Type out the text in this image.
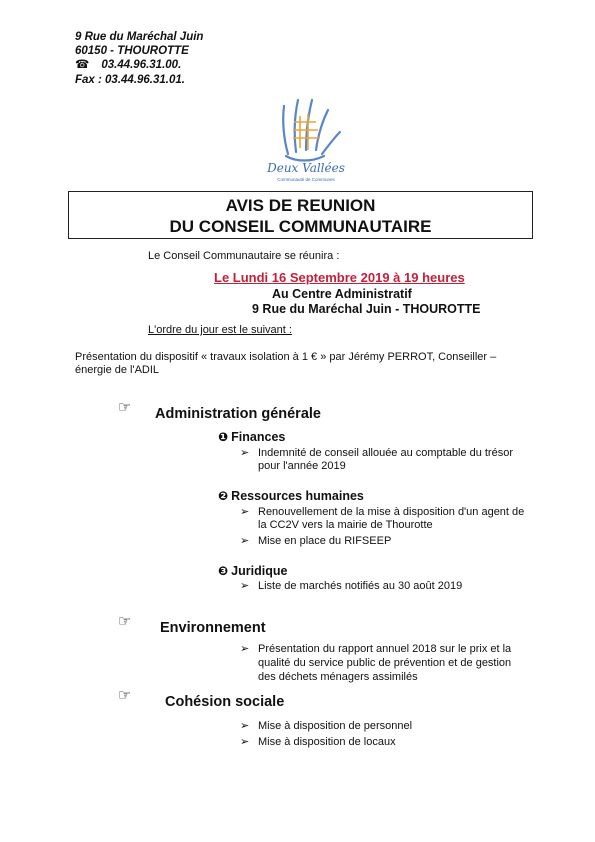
9 Rue du Maréchal Juin
60150 - THOUROTTE
☎ 03.44.96.31.00.
Fax : 03.44.96.31.01.
Deux Vallées
Communauté de Communes
AVIS DE REUNION
DU CONSEIL COMMUNAUTAIRE
Le Conseil Communautaire se réunira :
Le Lundi 16 Septembre 2019 à 19 heures
Au Centre Administratif
9 Rue du Maréchal Juin - THOUROTTE
L'ordre du jour est le suivant :
Présentation du dispositif « travaux isolation à 1 € » par Jérémy PERROT, Conseiller –
énergie de l'ADIL
☞ Administration générale
❶ Finances
➢ Indemnité de conseil allouée au comptable du trésor
pour l'année 2019
❷ Ressources humaines
➢ Renouvellement de la mise à disposition d'un agent de
la CC2V vers la mairie de Thourotte
➢ Mise en place du RIFSEEP
❸ Juridique
➢ Liste de marchés notifiés au 30 août 2019
☞ Environnement
➢ Présentation du rapport annuel 2018 sur le prix et la
qualité du service public de prévention et de gestion
des déchets ménagers assimilés
☞ Cohésion sociale
➢ Mise à disposition de personnel
➢ Mise à disposition de locaux
